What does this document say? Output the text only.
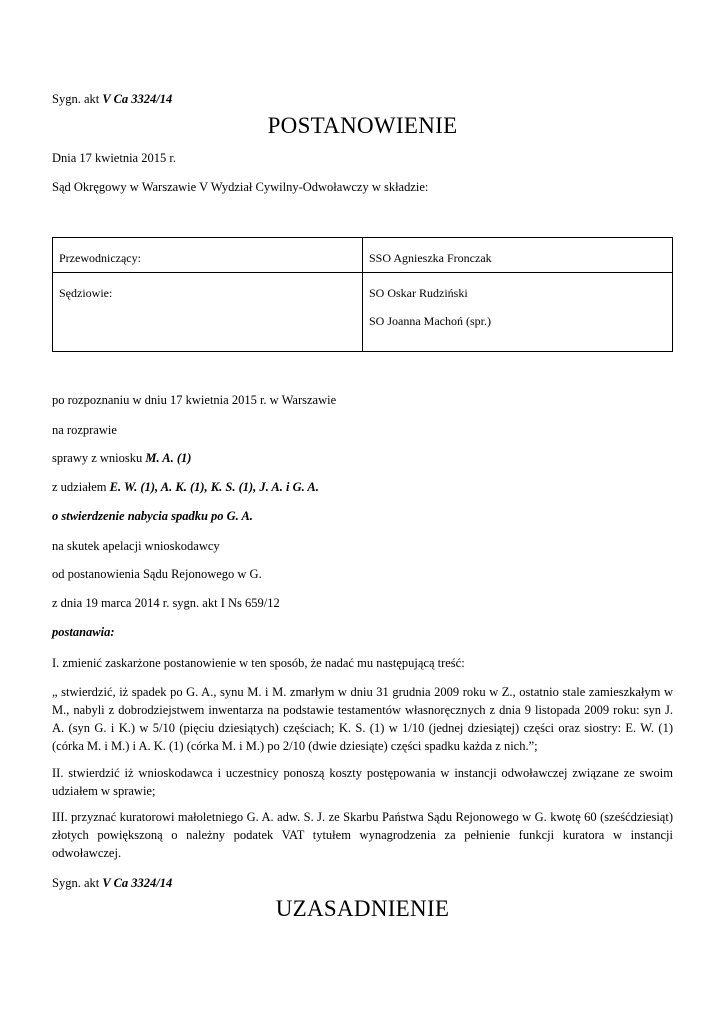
Sygn. akt V Ca 3324/14
POSTANOWIENIE
Dnia 17 kwietnia 2015 r.
Sąd Okręgowy w Warszawie V Wydział Cywilny-Odwoławczy w składzie:
Przewodniczący:	SSO Agnieszka Fronczak

Sędziowie:	SO Oskar Rudziński
SO Joanna Machoń (spr.)
po rozpoznaniu w dniu 17 kwietnia 2015 r. w Warszawie
na rozprawie
sprawy z wniosku M. A. (1)
z udziałem E. W. (1), A. K. (1), K. S. (1), J. A. i G. A.
o stwierdzenie nabycia spadku po G. A.
na skutek apelacji wnioskodawcy
od postanowienia Sądu Rejonowego w G.
z dnia 19 marca 2014 r. sygn. akt I Ns 659/12
postanawia:
I. zmienić zaskarżone postanowienie w ten sposób, że nadać mu następującą treść:
„ stwierdzić, iż spadek po G. A., synu M. i M. zmarłym w dniu 31 grudnia 2009 roku w Z., ostatnio stale zamieszkałym w M., nabyli z dobrodziejstwem inwentarza na podstawie testamentów własnoręcznych z dnia 9 listopada 2009 roku: syn J. A. (syn G. i K.) w 5/10 (pięciu dziesiątych) częściach; K. S. (1) w 1/10 (jednej dziesiątej) części oraz siostry: E. W. (1) (córka M. i M.) i A. K. (1) (córka M. i M.) po 2/10 (dwie dziesiąte) części spadku każda z nich.”;
II. stwierdzić iż wnioskodawca i uczestnicy ponoszą koszty postępowania w instancji odwoławczej związane ze swoim udziałem w sprawie;
III. przyznać kuratorowi małoletniego G. A. adw. S. J. ze Skarbu Państwa Sądu Rejonowego w G. kwotę 60 (sześćdziesiąt) złotych powiększoną o należny podatek VAT tytułem wynagrodzenia za pełnienie funkcji kuratora w instancji odwoławczej.
Sygn. akt V Ca 3324/14
UZASADNIENIE
